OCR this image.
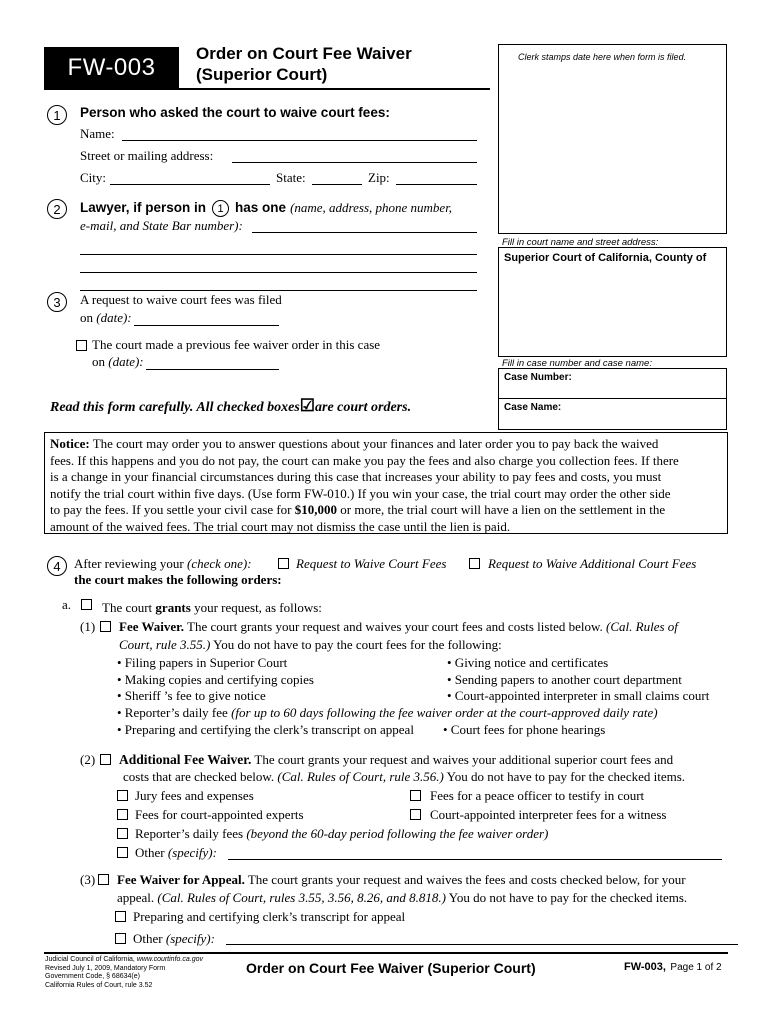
FW-003
Order on Court Fee Waiver
(Superior Court)
Clerk stamps date here when form is filed.
Fill in court name and street address:
Superior Court of California, County of
Fill in case number and case name:
Case Number:
Case Name:
1	Person who asked the court to waive court fees:
Name:
Street or mailing address:
City:	State:	Zip:
2	Lawyer, if person in 1 has one (name, address, phone number,
e-mail, and State Bar number):
3	A request to waive court fees was filed
on (date):
The court made a previous fee waiver order in this case
on (date):
Read this form carefully. All checked boxes☑are court orders.
Notice: The court may order you to answer questions about your finances and later order you to pay back the waived
fees. If this happens and you do not pay, the court can make you pay the fees and also charge you collection fees. If there
is a change in your financial circumstances during this case that increases your ability to pay fees and costs, you must
notify the trial court within five days. (Use form FW-010.) If you win your case, the trial court may order the other side
to pay the fees. If you settle your civil case for $10,000 or more, the trial court will have a lien on the settlement in the
amount of the waived fees. The trial court may not dismiss the case until the lien is paid.
4	After reviewing your (check one):	Request to Waive Court Fees	Request to Waive Additional Court Fees
the court makes the following orders:
a. The court grants your request, as follows:
(1) Fee Waiver. The court grants your request and waives your court fees and costs listed below. (Cal. Rules of
Court, rule 3.55.) You do not have to pay the court fees for the following:
• Filing papers in Superior Court
• Making copies and certifying copies
• Sheriff ’s fee to give notice
• Giving notice and certificates
• Sending papers to another court department
• Court-appointed interpreter in small claims court
• Reporter’s daily fee (for up to 60 days following the fee waiver order at the court-approved daily rate)
• Preparing and certifying the clerk’s transcript on appeal • Court fees for phone hearings
(2) Additional Fee Waiver. The court grants your request and waives your additional superior court fees and
costs that are checked below. (Cal. Rules of Court, rule 3.56.) You do not have to pay for the checked items.
Jury fees and expenses	Fees for a peace officer to testify in court
Fees for court-appointed experts	Court-appointed interpreter fees for a witness
Reporter’s daily fees (beyond the 60-day period following the fee waiver order)
Other (specify):
(3) Fee Waiver for Appeal. The court grants your request and waives the fees and costs checked below, for your
appeal. (Cal. Rules of Court, rules 3.55, 3.56, 8.26, and 8.818.) You do not have to pay for the checked items.
Preparing and certifying clerk’s transcript for appeal
Other (specify):
Judicial Council of California, www.courtinfo.ca.gov
Revised July 1, 2009, Mandatory Form
Government Code, § 68634(e)
California Rules of Court, rule 3.52
Order on Court Fee Waiver (Superior Court)	FW-003, Page 1 of 2
